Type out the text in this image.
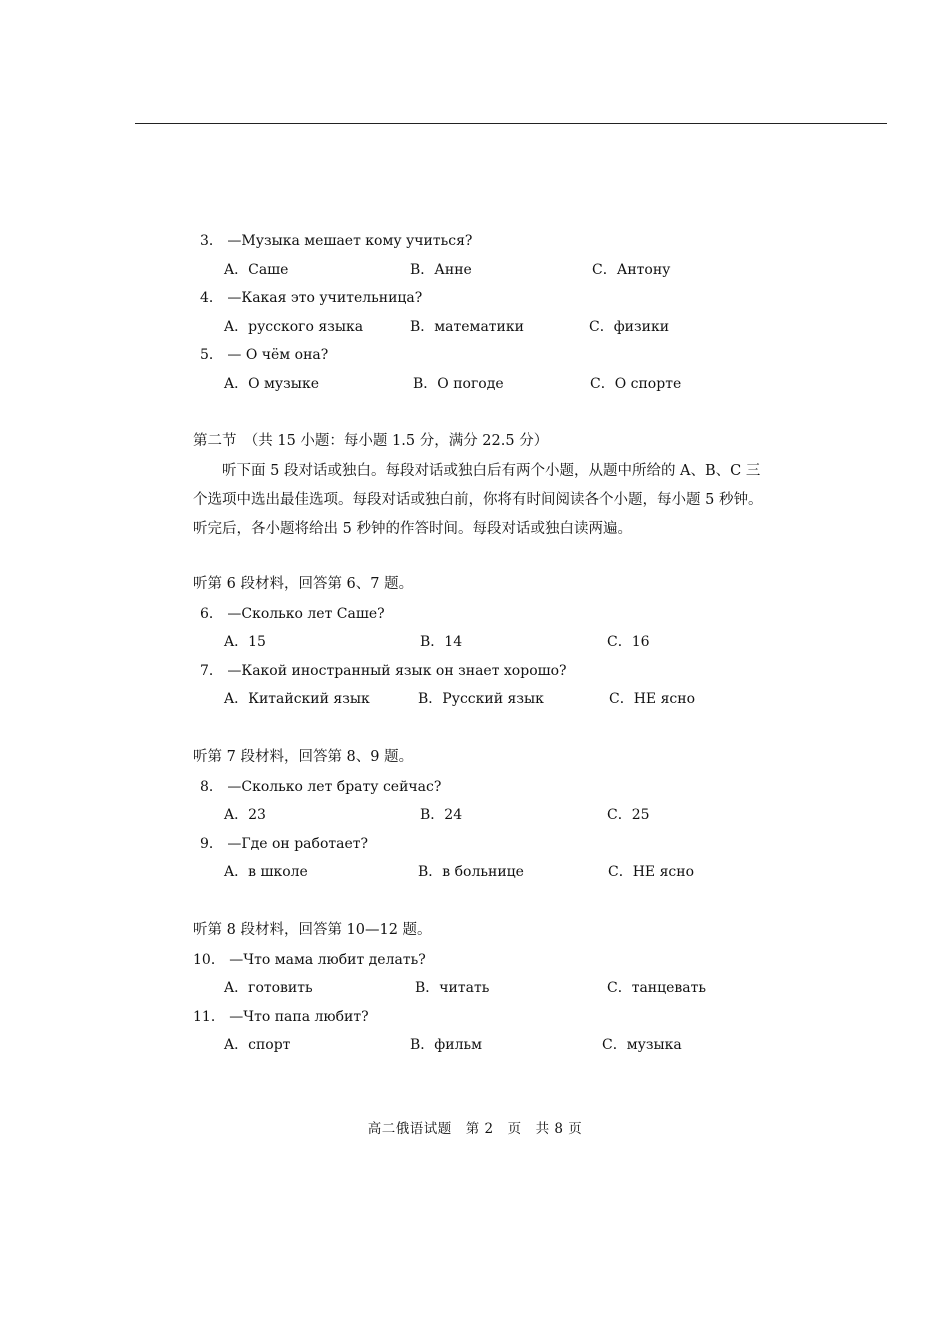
3． —Музыка мешает кому учиться?
A．Саше	B．Анне	C．Антону
4． —Какая это учительница?
A．русского языка	B．математики	C．физики
5． — О чём она?
A．О музыке	B．О погоде	C．О спорте
第二节　（共 15 小题：每小题 1.5 分，满分 22.5 分）

　　听下面 5 段对话或独白。每段对话或独白后有两个小题，从题中所给的 A、B、C 三

个选项中选出最佳选项。每段对话或独白前，你将有时间阅读各个小题，每小题 5 秒钟。

听完后，各小题将给出 5 秒钟的作答时间。每段对话或独白读两遍。

听第 6 段材料，回答第 6、7 题。
6． —Сколько лет Саше?
A．15	B．14	C．16
7． —Какой иностранный язык он знает хорошо?
A．Китайский язык	B．Русский язык	C．НЕ ясно
听第 7 段材料，回答第 8、9 题。
8． —Сколько лет брату сейчас?
A．23	B．24	C．25
9． —Где он работает?
A．в школе	B．в больнице	C．НЕ ясно
听第 8 段材料，回答第 10—12 题。
10． —Что мама любит делать?
A．готовить	B．читать	C．танцевать
11． —Что папа любит?
A．спорт	B．фильм	C．музыка
高二俄语试题　第 2　页　共 8 页
